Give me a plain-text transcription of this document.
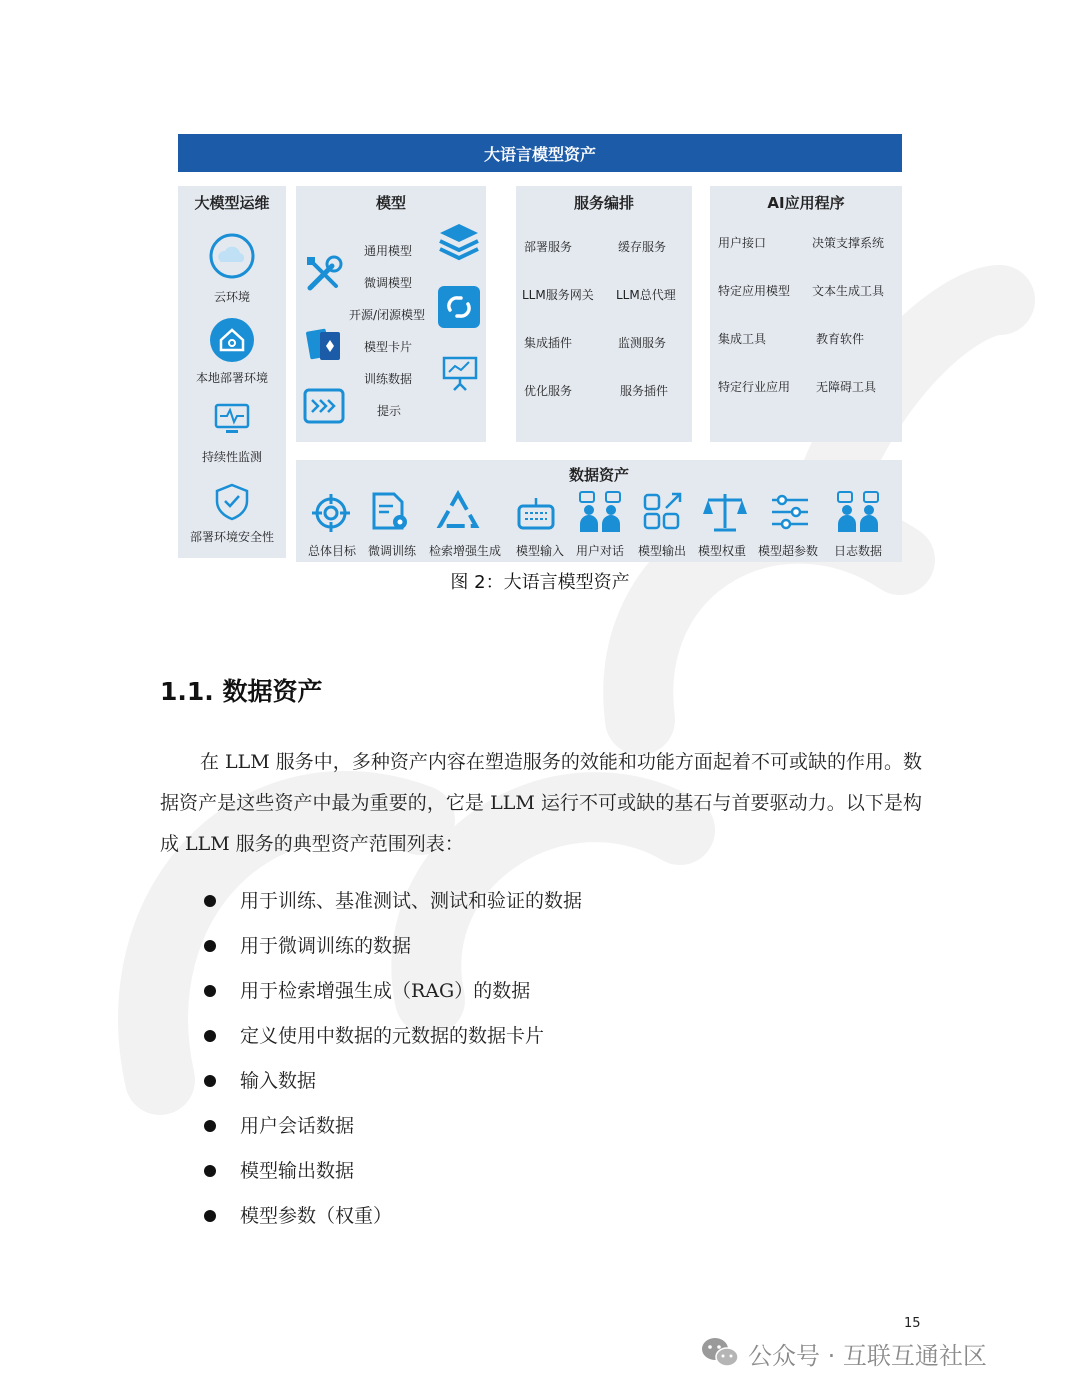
大语言模型资产
大模型运维
云环境
本地部署环境
持续性监测
部署环境安全性
模型
通用模型
微调模型
开源/闭源模型
模型卡片
训练数据
提示
服务编排
部署服务	缓存服务
LLM服务网关 LLM总代理
集成插件	监测服务
优化服务	服务插件
AI应用程序
用户接口	决策支撑系统
特定应用模型 文本生成工具
集成工具	教育软件
特定行业应用 无障碍工具
数据资产
总体目标 微调训练 检索增强生成 模型输入 用户对话 模型输出 模型权重 模型超参数 日志数据
图 2：大语言模型资产
1.1. 数据资产
在 LLM 服务中，多种资产内容在塑造服务的效能和功能方面起着不可或缺的作用。数据资产是这些资产中最为重要的，它是 LLM 运行不可或缺的基石与首要驱动力。以下是构成 LLM 服务的典型资产范围列表：
用于训练、基准测试、测试和验证的数据
用于微调训练的数据
用于检索增强生成（RAG）的数据
定义使用中数据的元数据的数据卡片
输入数据
用户会话数据
模型输出数据
模型参数（权重）
15
公众号 · 互联互通社区
